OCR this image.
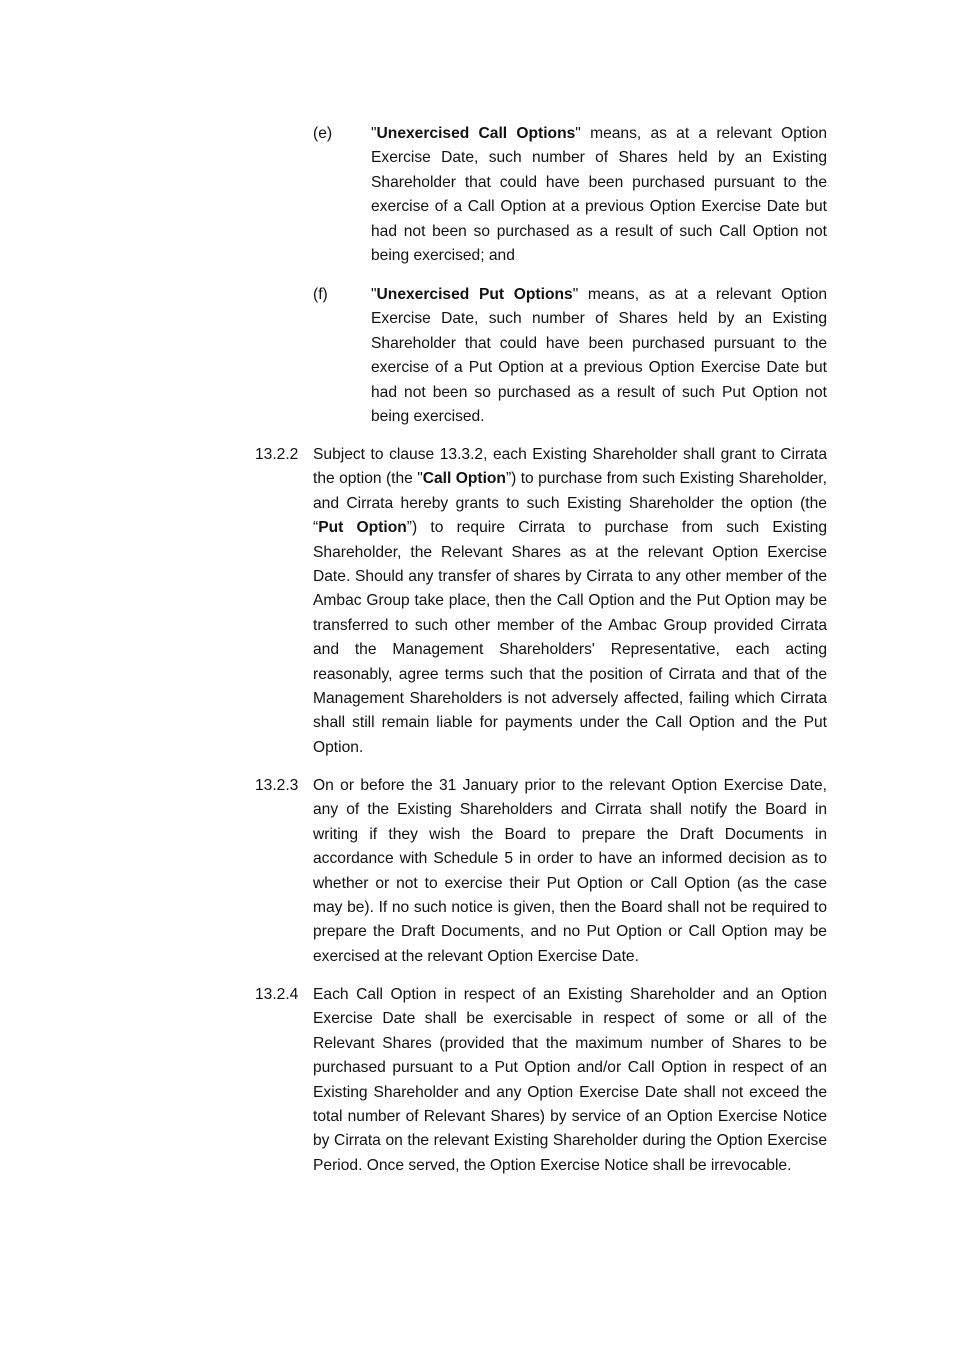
(e) "Unexercised Call Options" means, as at a relevant Option Exercise Date, such number of Shares held by an Existing Shareholder that could have been purchased pursuant to the exercise of a Call Option at a previous Option Exercise Date but had not been so purchased as a result of such Call Option not being exercised; and
(f)	"Unexercised Put Options" means, as at a relevant Option Exercise Date, such number of Shares held by an Existing Shareholder that could have been purchased pursuant to the exercise of a Put Option at a previous Option Exercise Date but had not been so purchased as a result of such Put Option not being exercised.
13.2.2 Subject to clause 13.3.2, each Existing Shareholder shall grant to Cirrata the option (the "Call Option”) to purchase from such Existing Shareholder, and Cirrata hereby grants to such Existing Shareholder the option (the “Put Option”) to require Cirrata to purchase from such Existing Shareholder, the Relevant Shares as at the relevant Option Exercise Date. Should any transfer of shares by Cirrata to any other member of the Ambac Group take place, then the Call Option and the Put Option may be transferred to such other member of the Ambac Group provided Cirrata and the Management Shareholders' Representative, each acting reasonably, agree terms such that the position of Cirrata and that of the Management Shareholders is not adversely affected, failing which Cirrata shall still remain liable for payments under the Call Option and the Put Option.
13.2.3 On or before the 31 January prior to the relevant Option Exercise Date, any of the Existing Shareholders and Cirrata shall notify the Board in writing if they wish the Board to prepare the Draft Documents in accordance with Schedule 5 in order to have an informed decision as to whether or not to exercise their Put Option or Call Option (as the case may be). If no such notice is given, then the Board shall not be required to prepare the Draft Documents, and no Put Option or Call Option may be exercised at the relevant Option Exercise Date.
13.2.4 Each Call Option in respect of an Existing Shareholder and an Option Exercise Date shall be exercisable in respect of some or all of the Relevant Shares (provided that the maximum number of Shares to be purchased pursuant to a Put Option and/or Call Option in respect of an Existing Shareholder and any Option Exercise Date shall not exceed the total number of Relevant Shares) by service of an Option Exercise Notice by Cirrata on the relevant Existing Shareholder during the Option Exercise Period. Once served, the Option Exercise Notice shall be irrevocable.
